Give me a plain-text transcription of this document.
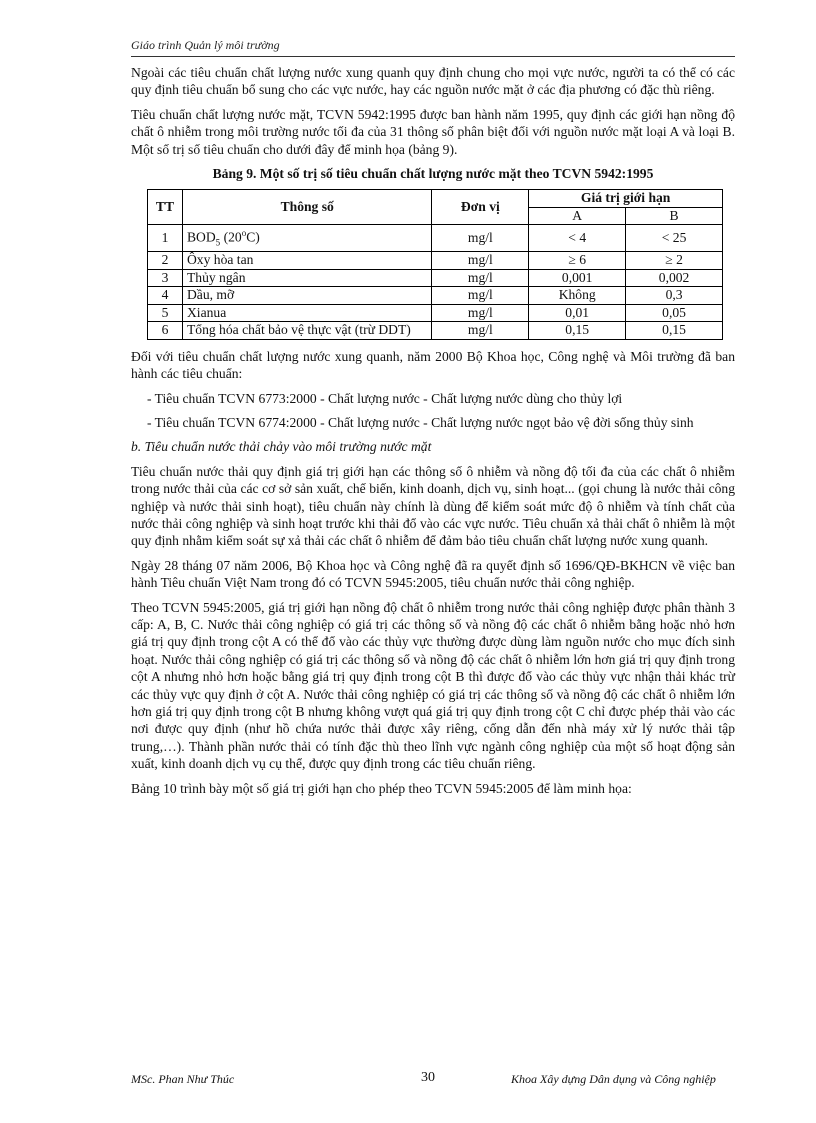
Giáo trình Quản lý môi trường

Ngoài các tiêu chuẩn chất lượng nước xung quanh quy định chung cho mọi vực nước, người ta có thể có các quy định tiêu chuẩn bổ sung cho các vực nước, hay các nguồn nước mặt ở các địa phương có đặc thù riêng.

Tiêu chuẩn chất lượng nước mặt, TCVN 5942:1995 được ban hành năm 1995, quy định các giới hạn nồng độ chất ô nhiễm trong môi trường nước tối đa của 31 thông số phân biệt đối với nguồn nước mặt loại A và loại B. Một số trị số tiêu chuẩn cho dưới đây để minh họa (bảng 9).

Bảng 9. Một số trị số tiêu chuẩn chất lượng nước mặt theo TCVN 5942:1995
TT	Thông số	Đơn vị	Giá trị giới hạn	
			A	B
1	$BOD_5$ (20$^o$C)	mg/l	< 4	< 25
2	Ôxy hòa tan	mg/l	≥ 6	≥ 2
3	Thủy ngân	mg/l	0,001	0,002
4	Dầu, mỡ	mg/l	Không	0,3
5	Xianua	mg/l	0,01	0,05
6	Tổng hóa chất bảo vệ thực vật (trừ DDT)	mg/l	0,15	0,15

Đối với tiêu chuẩn chất lượng nước xung quanh, năm 2000 Bộ Khoa học, Công nghệ và Môi trường đã ban hành các tiêu chuẩn:

- Tiêu chuẩn TCVN 6773:2000 - Chất lượng nước - Chất lượng nước dùng cho thủy lợi

- Tiêu chuẩn TCVN 6774:2000 - Chất lượng nước - Chất lượng nước ngọt bảo vệ đời sống thủy sinh

b. Tiêu chuẩn nước thải chảy vào môi trường nước mặt

Tiêu chuẩn nước thải quy định giá trị giới hạn các thông số ô nhiễm và nồng độ tối đa của các chất ô nhiễm trong nước thải của các cơ sở sản xuất, chế biến, kinh doanh, dịch vụ, sinh hoạt... (gọi chung là nước thải công nghiệp và nước thải sinh hoạt), tiêu chuẩn này chính là dùng để kiểm soát mức độ ô nhiễm và tính chất của nước thải công nghiệp và sinh hoạt trước khi thải đổ vào các vực nước. Tiêu chuẩn xả thải chất ô nhiễm là một quy định nhằm kiểm soát sự xả thải các chất ô nhiễm để đảm bảo tiêu chuẩn chất lượng nước xung quanh.

Ngày 28 tháng 07 năm 2006, Bộ Khoa học và Công nghệ đã ra quyết định số 1696/QĐ-BKHCN về việc ban hành Tiêu chuẩn Việt Nam trong đó có TCVN 5945:2005, tiêu chuẩn nước thải công nghiệp.

Theo TCVN 5945:2005, giá trị giới hạn nồng độ chất ô nhiễm trong nước thải công nghiệp được phân thành 3 cấp: A, B, C. Nước thải công nghiệp có giá trị các thông số và nồng độ các chất ô nhiễm bằng hoặc nhỏ hơn giá trị quy định trong cột A có thể đổ vào các thủy vực thường được dùng làm nguồn nước cho mục đích sinh hoạt. Nước thải công nghiệp có giá trị các thông số và nồng độ các chất ô nhiễm lớn hơn giá trị quy định trong cột A nhưng nhỏ hơn hoặc bằng giá trị quy định trong cột B thì được đổ vào các thủy vực nhận thải khác trừ các thủy vực quy định ở cột A. Nước thải công nghiệp có giá trị các thông số và nồng độ các chất ô nhiễm lớn hơn giá trị quy định trong cột B nhưng không vượt quá giá trị quy định trong cột C chỉ được phép thải vào các nơi được quy định (như hồ chứa nước thải được xây riêng, cống dẫn đến nhà máy xử lý nước thải tập trung,…). Thành phần nước thải có tính đặc thù theo lĩnh vực ngành công nghiệp của một số hoạt động sản xuất, kinh doanh dịch vụ cụ thể, được quy định trong các tiêu chuẩn riêng.

Bảng 10 trình bày một số giá trị giới hạn cho phép theo TCVN 5945:2005 để làm minh họa:

MSc. Phan Như Thúc	30	Khoa Xây dựng Dân dụng và Công nghiệp
